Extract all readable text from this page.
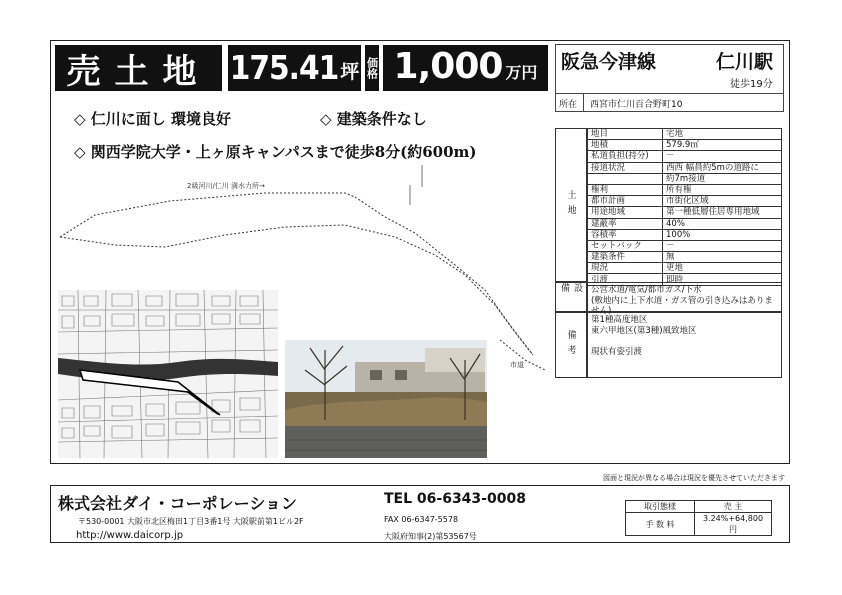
売土地 175.41 坪 価格 1,000 万円 阪急今津線	仁川駅
徒歩19分
所在 西宮市仁川百合野町10
◇ 仁川に面し 環境良好	◇ 建築条件なし
◇ 関西学院大学・上ヶ原キャンパスまで徒歩8分(約600m)
2級河川/仁川 満水力所→
市道
土地
地目	宅地
地積	579.9㎡
私道負担(持分)	－
接道状況	西西 幅員約5mの道路に
	約7m接道
権利	所有権
都市計画	市街化区域
用途地域	第一種低層住居専用地域
建蔽率	40%
容積率	100%
セットバック	－
建築条件	無
現況	更地
引渡	即時
設備	公営水道/電気/都市ガス/下水
(敷地内に上下水道・ガス管の引き込みはありません)
備考
第1種高度地区
東六甲地区(第3種)風致地区

現状有姿引渡
図面と現況が異なる場合は現況を優先させていただきます
株式会社ダイ・コーポレーション
〒530-0001 大阪市北区梅田1丁目3番1号 大阪駅前第1ビル2F
http://www.daicorp.jp
TEL 06-6343-0008
FAX 06-6347-5578
大阪府知事(2)第53567号
取引態様	売 主
手 数 料	3.24%+64,800円
